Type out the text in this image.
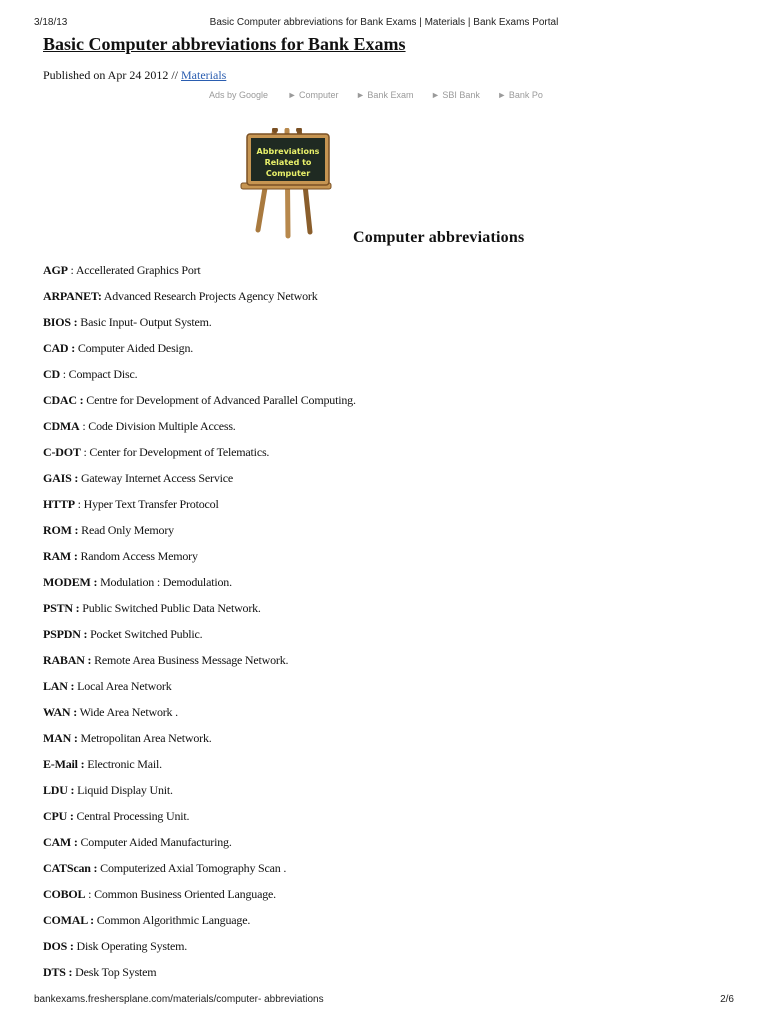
3/18/13	Basic Computer abbreviations for Bank Exams | Materials | Bank Exams Portal
Basic Computer abbreviations for Bank Exams
Published on Apr 24 2012 // Materials
Ads by Google ► Computer ► Bank Exam ► SBI Bank ► Bank Po
Abbreviations
Related to
Computer
Computer abbreviations
AGP : Accellerated Graphics Port
ARPANET: Advanced Research Projects Agency Network
BIOS : Basic Input- Output System.
CAD : Computer Aided Design.
CD : Compact Disc.
CDAC : Centre for Development of Advanced Parallel Computing.
CDMA : Code Division Multiple Access.
C-DOT : Center for Development of Telematics.
GAIS : Gateway Internet Access Service
HTTP : Hyper Text Transfer Protocol
ROM : Read Only Memory
RAM : Random Access Memory
MODEM : Modulation : Demodulation.
PSTN : Public Switched Public Data Network.
PSPDN : Pocket Switched Public.
RABAN : Remote Area Business Message Network.
LAN : Local Area Network
WAN : Wide Area Network .
MAN : Metropolitan Area Network.
E-Mail : Electronic Mail.
LDU : Liquid Display Unit.
CPU : Central Processing Unit.
CAM : Computer Aided Manufacturing.
CATScan : Computerized Axial Tomography Scan .
COBOL : Common Business Oriented Language.
COMAL : Common Algorithmic Language.
DOS : Disk Operating System.
DTS : Desk Top System
bankexams.freshersplane.com/materials/computer- abbreviations	2/6
